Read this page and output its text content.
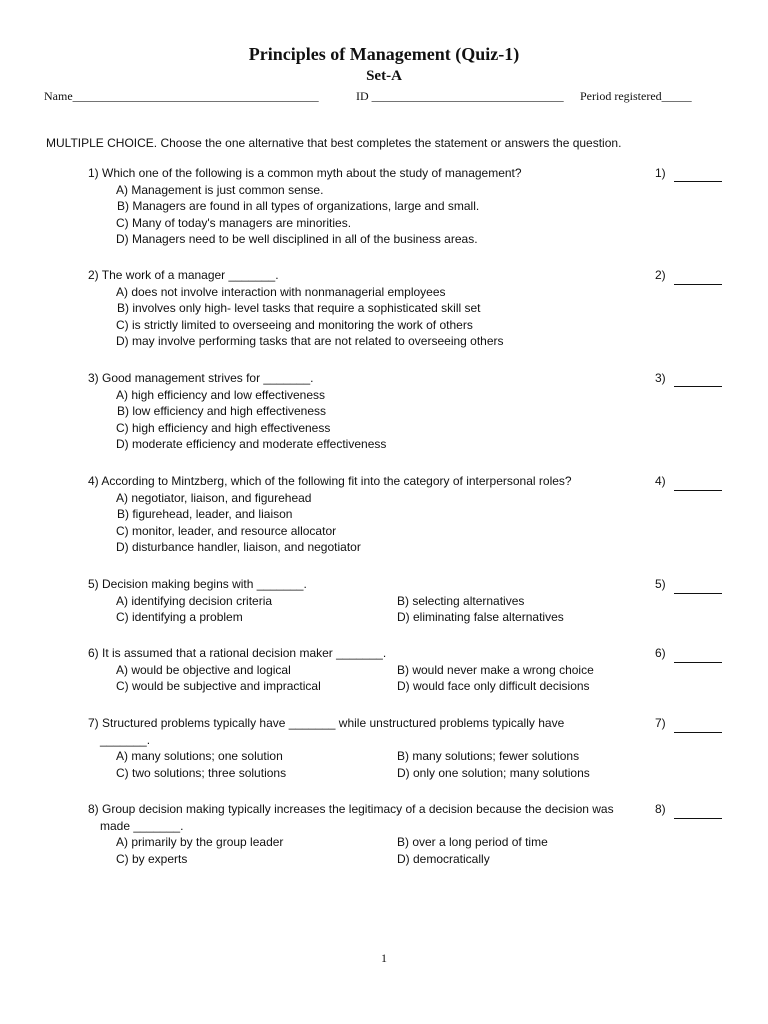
Principles of Management (Quiz-1)
Set-A
Name_________________________________________	ID ________________________________ Period registered_____
MULTIPLE CHOICE. Choose the one alternative that best completes the statement or answers the question.
1) Which one of the following is a common myth about the study of management?
A) Management is just common sense.
B) Managers are found in all types of organizations, large and small.
C) Many of today's managers are minorities.
D) Managers need to be well disciplined in all of the business areas.
1)
2) The work of a manager _______.
A) does not involve interaction with nonmanagerial employees
B) involves only high- level tasks that require a sophisticated skill set
C) is strictly limited to overseeing and monitoring the work of others
D) may involve performing tasks that are not related to overseeing others
2)
3) Good management strives for _______.
A) high efficiency and low effectiveness
B) low efficiency and high effectiveness
C) high efficiency and high effectiveness
D) moderate efficiency and moderate effectiveness
3)
4) According to Mintzberg, which of the following fit into the category of interpersonal roles?
A) negotiator, liaison, and figurehead
B) figurehead, leader, and liaison
C) monitor, leader, and resource allocator
D) disturbance handler, liaison, and negotiator
4)
5) Decision making begins with _______.
A) identifying decision criteria	B) selecting alternatives
C) identifying a problem	D) eliminating false alternatives
5)
6) It is assumed that a rational decision maker _______.
A) would be objective and logical	B) would never make a wrong choice
C) would be subjective and impractical	D) would face only difficult decisions
6)
7) Structured problems typically have _______ while unstructured problems typically have
_______.
A) many solutions; one solution	B) many solutions; fewer solutions
C) two solutions; three solutions	D) only one solution; many solutions
7)
8) Group decision making typically increases the legitimacy of a decision because the decision was
made _______.
A) primarily by the group leader	B) over a long period of time
C) by experts	D) democratically
8)
1
